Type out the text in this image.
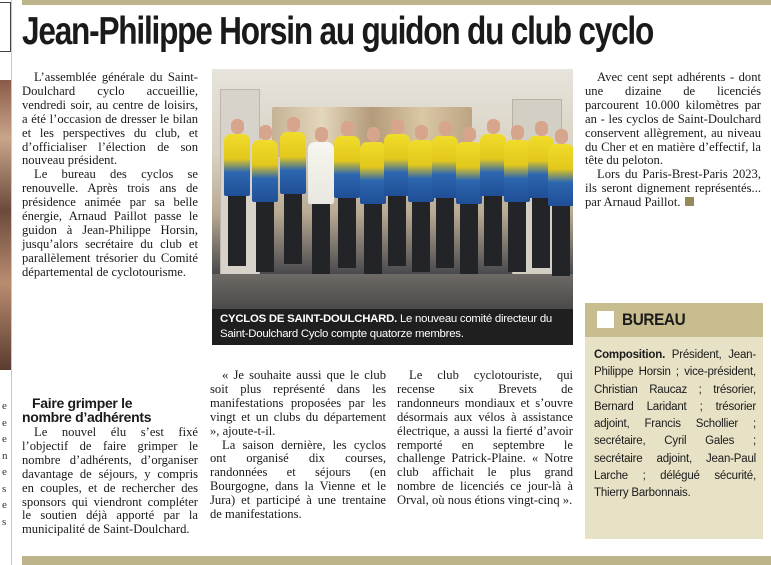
e
e
e
n
e
s
e
s
Jean-Philippe Horsin au guidon du club cyclo

L’assemblée générale du Saint-Doulchard cyclo accueillie, vendredi soir, au centre de loisirs, a été l’occasion de dresser le bilan et les perspectives du club, et d’officialiser l’élection de son nouveau président.

Le bureau des cyclos se renouvelle. Après trois ans de présidence animée par sa belle énergie, Arnaud Paillot passe le guidon à Jean-Philippe Horsin, jusqu’alors secrétaire du club et parallèlement trésorier du Comité départemental de cyclotourisme.

Faire grimper le
nombre d’adhérents

Le nouvel élu s’est fixé l’objectif de faire grimper le nombre d’adhérents, d’organiser davantage de séjours, y compris en couples, et de rechercher des sponsors qui viendront compléter le soutien déjà apporté par la municipalité de Saint-Doulchard.

CYCLOS DE SAINT-DOULCHARD. Le nouveau comité directeur du Saint-Doulchard Cyclo compte quatorze membres.

« Je souhaite aussi que le club soit plus représenté dans les manifestations proposées par les vingt et un clubs du département », ajoute-t-il.

La saison dernière, les cyclos ont organisé dix courses, randonnées et séjours (en Bourgogne, dans la Vienne et le Jura) et participé à une trentaine de manifestations.

Le club cyclotouriste, qui recense six Brevets de randonneurs mondiaux et s’ouvre désormais aux vélos à assistance électrique, a aussi la fierté d’avoir remporté en septembre le challenge Patrick-Plaine. « Notre club affichait le plus grand nombre de licenciés ce jour-là à Orval, où nous étions vingt-cinq ».

Avec cent sept adhérents - dont une dizaine de licenciés parcourent 10.000 kilomètres par an - les cyclos de Saint-Doulchard conservent allègrement, au niveau du Cher et en matière d’effectif, la tête du peloton.

Lors du Paris-Brest-Paris 2023, ils seront dignement représentés... par Arnaud Paillot.

BUREAU
Composition. Président, Jean-Philippe Horsin ; vice-président, Christian Raucaz ; trésorier, Bernard Laridant ; trésorier adjoint, Francis Schollier ; secrétaire, Cyril Gales ; secrétaire adjoint, Jean-Paul Larche ; délégué sécurité, Thierry Barbonnais.
